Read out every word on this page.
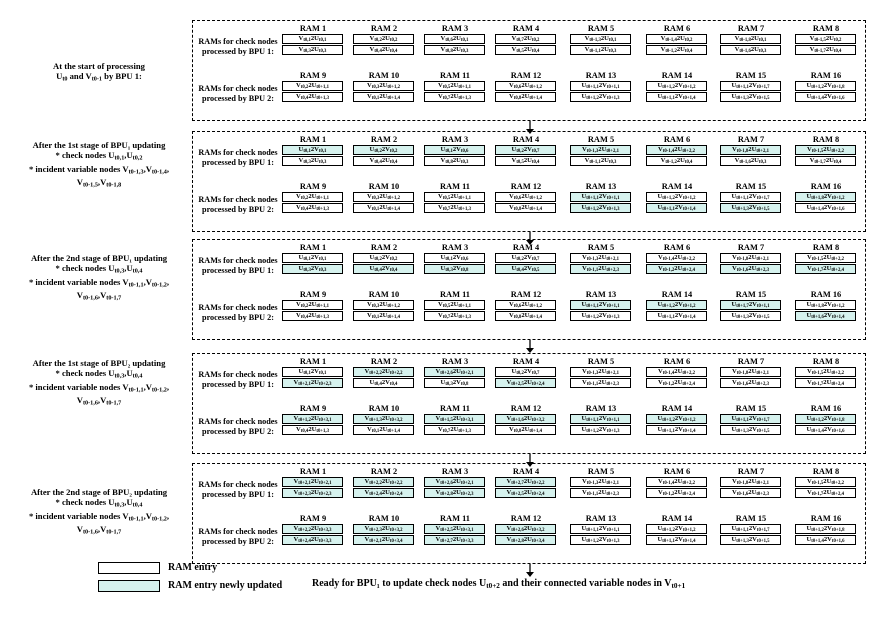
At the start of processing
$U_{t0}$ and $V_{t0-1}$ by BPU 1:
RAMs for check nodes
processed by BPU 1:
RAMs for check nodes
processed by BPU 2:
RAM 1
$V_{t0,1}2U_{t0,1}$
$V_{t0,3}2U_{t0,3}$
RAM 2
$V_{t0,2}2U_{t0,2}$
$V_{t0,4}2U_{t0,4}$
RAM 3
$V_{t0,6}2U_{t0,1}$
$V_{t0,8}2U_{t0,3}$
RAM 4
$V_{t0,7}2U_{t0,2}$
$V_{t0,5}2U_{t0,4}$
RAM 5
$V_{t0-1,3}2U_{t0,1}$
$V_{t0-1,1}2U_{t0,3}$
RAM 6
$V_{t0-1,4}2U_{t0,2}$
$V_{t0-1,2}2U_{t0,4}$
RAM 7
$V_{t0-1,8}2U_{t0,1}$
$V_{t0-1,6}2U_{t0,3}$
RAM 8
$V_{t0-1,5}2U_{t0,2}$
$V_{t0-1,7}2U_{t0,4}$
RAM 9
$V_{t0,2}2U_{t0+1,1}$
$V_{t0,4}2U_{t0+1,3}$
RAM 10
$V_{t0,3}2U_{t0+1,2}$
$V_{t0,1}2U_{t0+1,4}$
RAM 11
$V_{t0,5}2U_{t0+1,1}$
$V_{t0,7}2U_{t0+1,3}$
RAM 12
$V_{t0,6}2U_{t0+1,2}$
$V_{t0,8}2U_{t0+1,4}$
RAM 13
$U_{t0+1,1}2V_{t0+1,1}$
$U_{t0+1,2}2V_{t0+1,3}$
RAM 14
$U_{t0+1,2}2V_{t0+1,2}$
$U_{t0+1,1}2V_{t0+1,4}$
RAM 15
$U_{t0+1,1}2V_{t0+1,7}$
$U_{t0+1,3}2V_{t0+1,5}$
RAM 16
$U_{t0+1,2}2V_{t0+1,8}$
$U_{t0+1,4}2V_{t0+1,6}$
After the 1st stage of BPU₁ updating
* check nodes $U_{t0,1},U_{t0,2}$
* incident variable nodes $V_{t0-1,3},V_{t0-1,4}$,
$V_{t0-1,5},V_{t0-1,8}$
RAMs for check nodes
processed by BPU 1:
RAMs for check nodes
processed by BPU 2:
RAM 1
$U_{t0,1}2V_{t0,1}$
$V_{t0,3}2U_{t0,3}$
RAM 2
$U_{t0,2}2V_{t0,2}$
$V_{t0,4}2U_{t0,4}$
RAM 3
$U_{t0,1}2V_{t0,6}$
$V_{t0,8}2U_{t0,3}$
RAM 4
$U_{t0,2}2V_{t0,7}$
$V_{t0,5}2U_{t0,4}$
RAM 5
$V_{t0-1,3}2U_{t0+2,1}$
$V_{t0-1,1}2U_{t0,3}$
RAM 6
$V_{t0-1,4}2U_{t0+2,2}$
$V_{t0-1,2}2U_{t0,4}$
RAM 7
$V_{t0-1,8}2U_{t0+2,1}$
$V_{t0-1,6}2U_{t0,3}$
RAM 8
$V_{t0-1,5}2U_{t0+2,2}$
$V_{t0-1,7}2U_{t0,4}$
RAM 9
$V_{t0,2}2U_{t0+1,1}$
$V_{t0,4}2U_{t0+1,3}$
RAM 10
$V_{t0,3}2U_{t0+1,2}$
$V_{t0,1}2U_{t0+1,4}$
RAM 11
$V_{t0,5}2U_{t0+1,1}$
$V_{t0,7}2U_{t0+1,3}$
RAM 12
$V_{t0,6}2U_{t0+1,2}$
$V_{t0,8}2U_{t0+1,4}$
RAM 13
$U_{t0+1,1}2V_{t0+1,1}$
$U_{t0+1,2}2V_{t0+1,3}$
RAM 14
$U_{t0+1,2}2V_{t0+1,2}$
$U_{t0+1,1}2V_{t0+1,4}$
RAM 15
$U_{t0+1,1}2V_{t0+1,7}$
$U_{t0+1,3}2V_{t0+1,5}$
RAM 16
$U_{t0+1,8}2V_{t0+1,2}$
$U_{t0+1,4}2V_{t0+1,6}$
After the 2nd stage of BPU₁ updating
* check nodes $U_{t0,3},U_{t0,4}$
* incident variable nodes $V_{t0-1,1},V_{t0-1,2}$,
$V_{t0-1,6},V_{t0-1,7}$
RAMs for check nodes
processed by BPU 1:
RAMs for check nodes
processed by BPU 2:
RAM 1
$U_{t0,1}2V_{t0,1}$
$U_{t0,3}2V_{t0,3}$
RAM 2
$U_{t0,2}2V_{t0,2}$
$U_{t0,4}2V_{t0,4}$
RAM 3
$U_{t0,1}2V_{t0,6}$
$U_{t0,3}2V_{t0,8}$
RAM 4
$U_{t0,2}2V_{t0,7}$
$U_{t0,4}2V_{t0,5}$
RAM 5
$V_{t0-1,3}2U_{t0+2,1}$
$V_{t0-1,1}2U_{t0+2,3}$
RAM 6
$V_{t0-1,4}2U_{t0+2,2}$
$V_{t0-1,2}2U_{t0+2,4}$
RAM 7
$V_{t0-1,8}2U_{t0+2,1}$
$V_{t0-1,6}2U_{t0+2,3}$
RAM 8
$V_{t0-1,5}2U_{t0+2,2}$
$V_{t0-1,7}2U_{t0+2,4}$
RAM 9
$V_{t0,2}2U_{t0+1,1}$
$V_{t0,4}2U_{t0+1,3}$
RAM 10
$V_{t0,3}2U_{t0+1,2}$
$V_{t0,1}2U_{t0+1,4}$
RAM 11
$V_{t0,5}2U_{t0+1,1}$
$V_{t0,7}2U_{t0+1,3}$
RAM 12
$V_{t0,6}2U_{t0+1,2}$
$V_{t0,8}2U_{t0+1,4}$
RAM 13
$U_{t0+1,1}2V_{t0+1,1}$
$U_{t0+1,2}2V_{t0+1,3}$
RAM 14
$U_{t0+1,2}2V_{t0+1,2}$
$U_{t0+1,1}2V_{t0+1,4}$
RAM 15
$U_{t0+1,7}2V_{t0+1,1}$
$U_{t0+1,3}2V_{t0+1,5}$
RAM 16
$U_{t0+1,8}2V_{t0+1,2}$
$U_{t0+1,6}2V_{t0+1,4}$
After the 1st stage of BPU₂ updating
* check nodes $U_{t0,3},U_{t0,4}$
* incident variable nodes $V_{t0-1,1},V_{t0-1,2}$,
$V_{t0-1,6},V_{t0-1,7}$
RAMs for check nodes
processed by BPU 1:
RAMs for check nodes
processed by BPU 2:
RAM 1
$U_{t0,1}2V_{t0,1}$
$V_{t0+2,1}2U_{t0+2,3}$
RAM 2
$V_{t0+2,2}2U_{t0+2,2}$
$U_{t0,4}2V_{t0,4}$
RAM 3
$V_{t0+2,6}2U_{t0+2,1}$
$U_{t0,3}2V_{t0,8}$
RAM 4
$U_{t0,2}2V_{t0,7}$
$V_{t0+2,5}2U_{t0+2,4}$
RAM 5
$V_{t0-1,3}2U_{t0+2,1}$
$V_{t0-1,1}2U_{t0+2,3}$
RAM 6
$V_{t0-1,4}2U_{t0+2,2}$
$V_{t0-1,2}2U_{t0+2,4}$
RAM 7
$V_{t0-1,8}2U_{t0+2,1}$
$V_{t0-1,6}2U_{t0+2,3}$
RAM 8
$V_{t0-1,5}2U_{t0+2,2}$
$V_{t0-1,7}2U_{t0+2,4}$
RAM 9
$V_{t0+1,2}2U_{t0+3,1}$
$V_{t0,4}2U_{t0+1,3}$
RAM 10
$V_{t0+1,3}2U_{t0+3,2}$
$V_{t0,1}2U_{t0+1,4}$
RAM 11
$V_{t0+1,5}2U_{t0+3,1}$
$V_{t0,7}2U_{t0+1,3}$
RAM 12
$V_{t0+1,6}2U_{t0+3,2}$
$V_{t0,8}2U_{t0+1,4}$
RAM 13
$U_{t0+1,1}2V_{t0+1,1}$
$U_{t0+1,2}2V_{t0+1,3}$
RAM 14
$U_{t0+1,2}2V_{t0+1,2}$
$U_{t0+1,1}2V_{t0+1,4}$
RAM 15
$U_{t0+1,1}2V_{t0+1,7}$
$U_{t0+1,3}2V_{t0+1,5}$
RAM 16
$U_{t0+1,2}2V_{t0+1,8}$
$U_{t0+1,4}2V_{t0+1,6}$
After the 2nd stage of BPU₂ updating
* check nodes $U_{t0,3},U_{t0,4}$
* incident variable nodes $V_{t0-1,1},V_{t0-1,2}$,
$V_{t0-1,6},V_{t0-1,7}$
RAMs for check nodes
processed by BPU 1:
RAMs for check nodes
processed by BPU 2:
RAM 1
$V_{t0+2,1}2U_{t0+2,1}$
$V_{t0+2,3}2U_{t0+2,3}$
RAM 2
$V_{t0+2,2}2U_{t0+2,2}$
$V_{t0+2,4}2U_{t0+2,4}$
RAM 3
$V_{t0+2,6}2U_{t0+2,1}$
$V_{t0+2,8}2U_{t0+2,3}$
RAM 4
$V_{t0+2,7}2U_{t0+2,2}$
$V_{t0+2,5}2U_{t0+2,4}$
RAM 5
$V_{t0-1,3}2U_{t0+2,1}$
$V_{t0-1,1}2U_{t0+2,3}$
RAM 6
$V_{t0-1,4}2U_{t0+2,2}$
$V_{t0-1,2}2U_{t0+2,4}$
RAM 7
$V_{t0-1,8}2U_{t0+2,1}$
$V_{t0-1,6}2U_{t0+2,3}$
RAM 8
$V_{t0-1,5}2U_{t0+2,2}$
$V_{t0-1,7}2U_{t0+2,4}$
RAM 9
$V_{t0+2,2}2U_{t0+3,3}$
$V_{t0+2,4}2U_{t0+3,3}$
RAM 10
$V_{t0+2,3}2U_{t0+3,2}$
$V_{t0+2,1}2U_{t0+3,4}$
RAM 11
$V_{t0+2,5}2U_{t0+3,1}$
$V_{t0+2,7}2U_{t0+3,3}$
RAM 12
$V_{t0+2,6}2U_{t0+3,2}$
$V_{t0+2,8}2U_{t0+3,4}$
RAM 13
$U_{t0+1,1}2V_{t0+1,1}$
$U_{t0+1,2}2V_{t0+1,3}$
RAM 14
$U_{t0+1,2}2V_{t0+1,2}$
$U_{t0+1,1}2V_{t0+1,4}$
RAM 15
$U_{t0+1,1}2V_{t0+1,7}$
$U_{t0+1,3}2V_{t0+1,5}$
RAM 16
$U_{t0+1,2}2V_{t0+1,8}$
$U_{t0+1,4}2V_{t0+1,6}$
RAM entry
RAM entry newly updated	Ready for BPU₁ to update check nodes $U_{t0+2}$ and their connected variable nodes in $V_{t0+1}$
